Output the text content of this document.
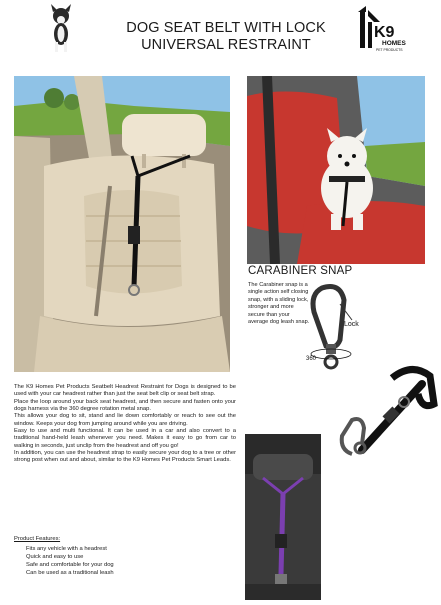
DOG SEAT BELT WITH LOCK
UNIVERSAL RESTRAINT
K9
HOMES
PET PRODUCTS
CARABINER SNAP
The Carabiner snap is a single action self closing snap, with a sliding lock, stronger and more secure than your average dog leash snap.	Lock
360

The K9 Homes Pet Products Seatbelt Headrest Restraint for Dogs is designed to be used with your car headrest rather than just the seat belt clip or seat belt strap.

Place the loop around your back seat headrest, and then secure and fasten onto your dogs harness via the 360 degree rotation metal snap.

This allows your dog to sit, stand and lie down comfortably or reach to see out the window. Keeps your dog from jumping around while you are driving.

Easy to use and multi functional. It can be used in a car and also convert to a traditional hand-held leash whenever you need. Makes it easy to go from car to walking in seconds, just unclip from the headrest and off you go!

In addition, you can use the headrest strap to easily secure your dog to a tree or other strong post when out and about, similar to the K9 Homes Pet Products Smart Leads.

Product Features:
Fits any vehicle with a headrest
Quick and easy to use
Safe and comfortable for your dog
Can be used as a traditional leash
